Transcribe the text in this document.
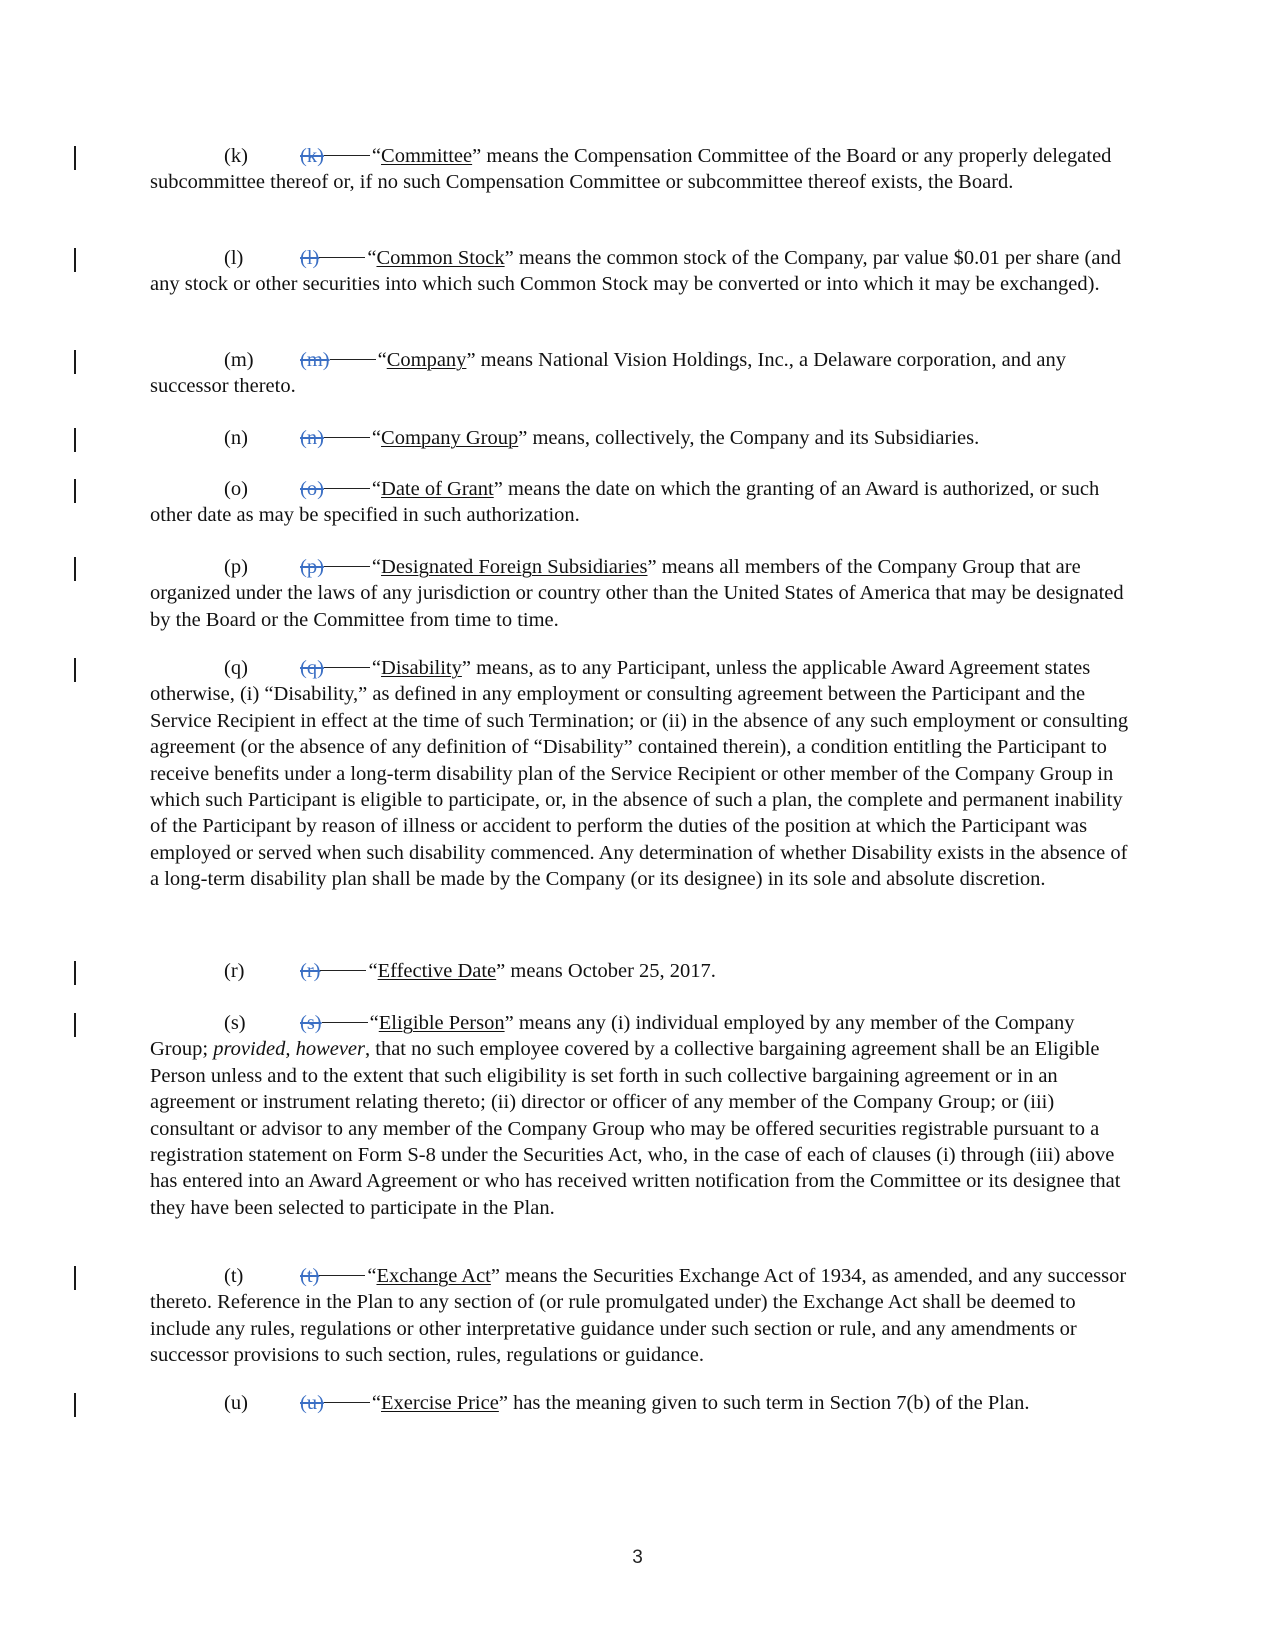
(k)	(k) “Committee” means the Compensation Committee of the Board or any properly delegated subcommittee thereof or, if no such Compensation Committee or subcommittee thereof exists, the Board.
(l)	(l) “Common Stock” means the common stock of the Company, par value $0.01 per share (and any stock or other securities into which such Common Stock may be converted or into which it may be exchanged).
(m) (m) “Company” means National Vision Holdings, Inc., a Delaware corporation, and any successor thereto.
(n)	(n) “Company Group” means, collectively, the Company and its Subsidiaries.
(o)	(o) “Date of Grant” means the date on which the granting of an Award is authorized, or such other date as may be specified in such authorization.
(p)	(p) “Designated Foreign Subsidiaries” means all members of the Company Group that are organized under the laws of any jurisdiction or country other than the United States of America that may be designated by the Board or the Committee from time to time.
(q)	(q) “Disability” means, as to any Participant, unless the applicable Award Agreement states otherwise, (i) “Disability,” as defined in any employment or consulting agreement between the Participant and the Service Recipient in effect at the time of such Termination; or (ii) in the absence of any such employment or consulting agreement (or the absence of any definition of “Disability” contained therein), a condition entitling the Participant to receive benefits under a long-term disability plan of the Service Recipient or other member of the Company Group in which such Participant is eligible to participate, or, in the absence of such a plan, the complete and permanent inability of the Participant by reason of illness or accident to perform the duties of the position at which the Participant was employed or served when such disability commenced. Any determination of whether Disability exists in the absence of a long-term disability plan shall be made by the Company (or its designee) in its sole and absolute discretion.
(r)	(r) “Effective Date” means October 25, 2017.
(s)	(s) “Eligible Person” means any (i) individual employed by any member of the Company Group; provided, however, that no such employee covered by a collective bargaining agreement shall be an Eligible Person unless and to the extent that such eligibility is set forth in such collective bargaining agreement or in an agreement or instrument relating thereto; (ii) director or officer of any member of the Company Group; or (iii) consultant or advisor to any member of the Company Group who may be offered securities registrable pursuant to a registration statement on Form S-8 under the Securities Act, who, in the case of each of clauses (i) through (iii) above has entered into an Award Agreement or who has received written notification from the Committee or its designee that they have been selected to participate in the Plan.
(t)	(t) “Exchange Act” means the Securities Exchange Act of 1934, as amended, and any successor thereto. Reference in the Plan to any section of (or rule promulgated under) the Exchange Act shall be deemed to include any rules, regulations or other interpretative guidance under such section or rule, and any amendments or successor provisions to such section, rules, regulations or guidance.
(u)	(u) “Exercise Price” has the meaning given to such term in Section 7(b) of the Plan.
3
